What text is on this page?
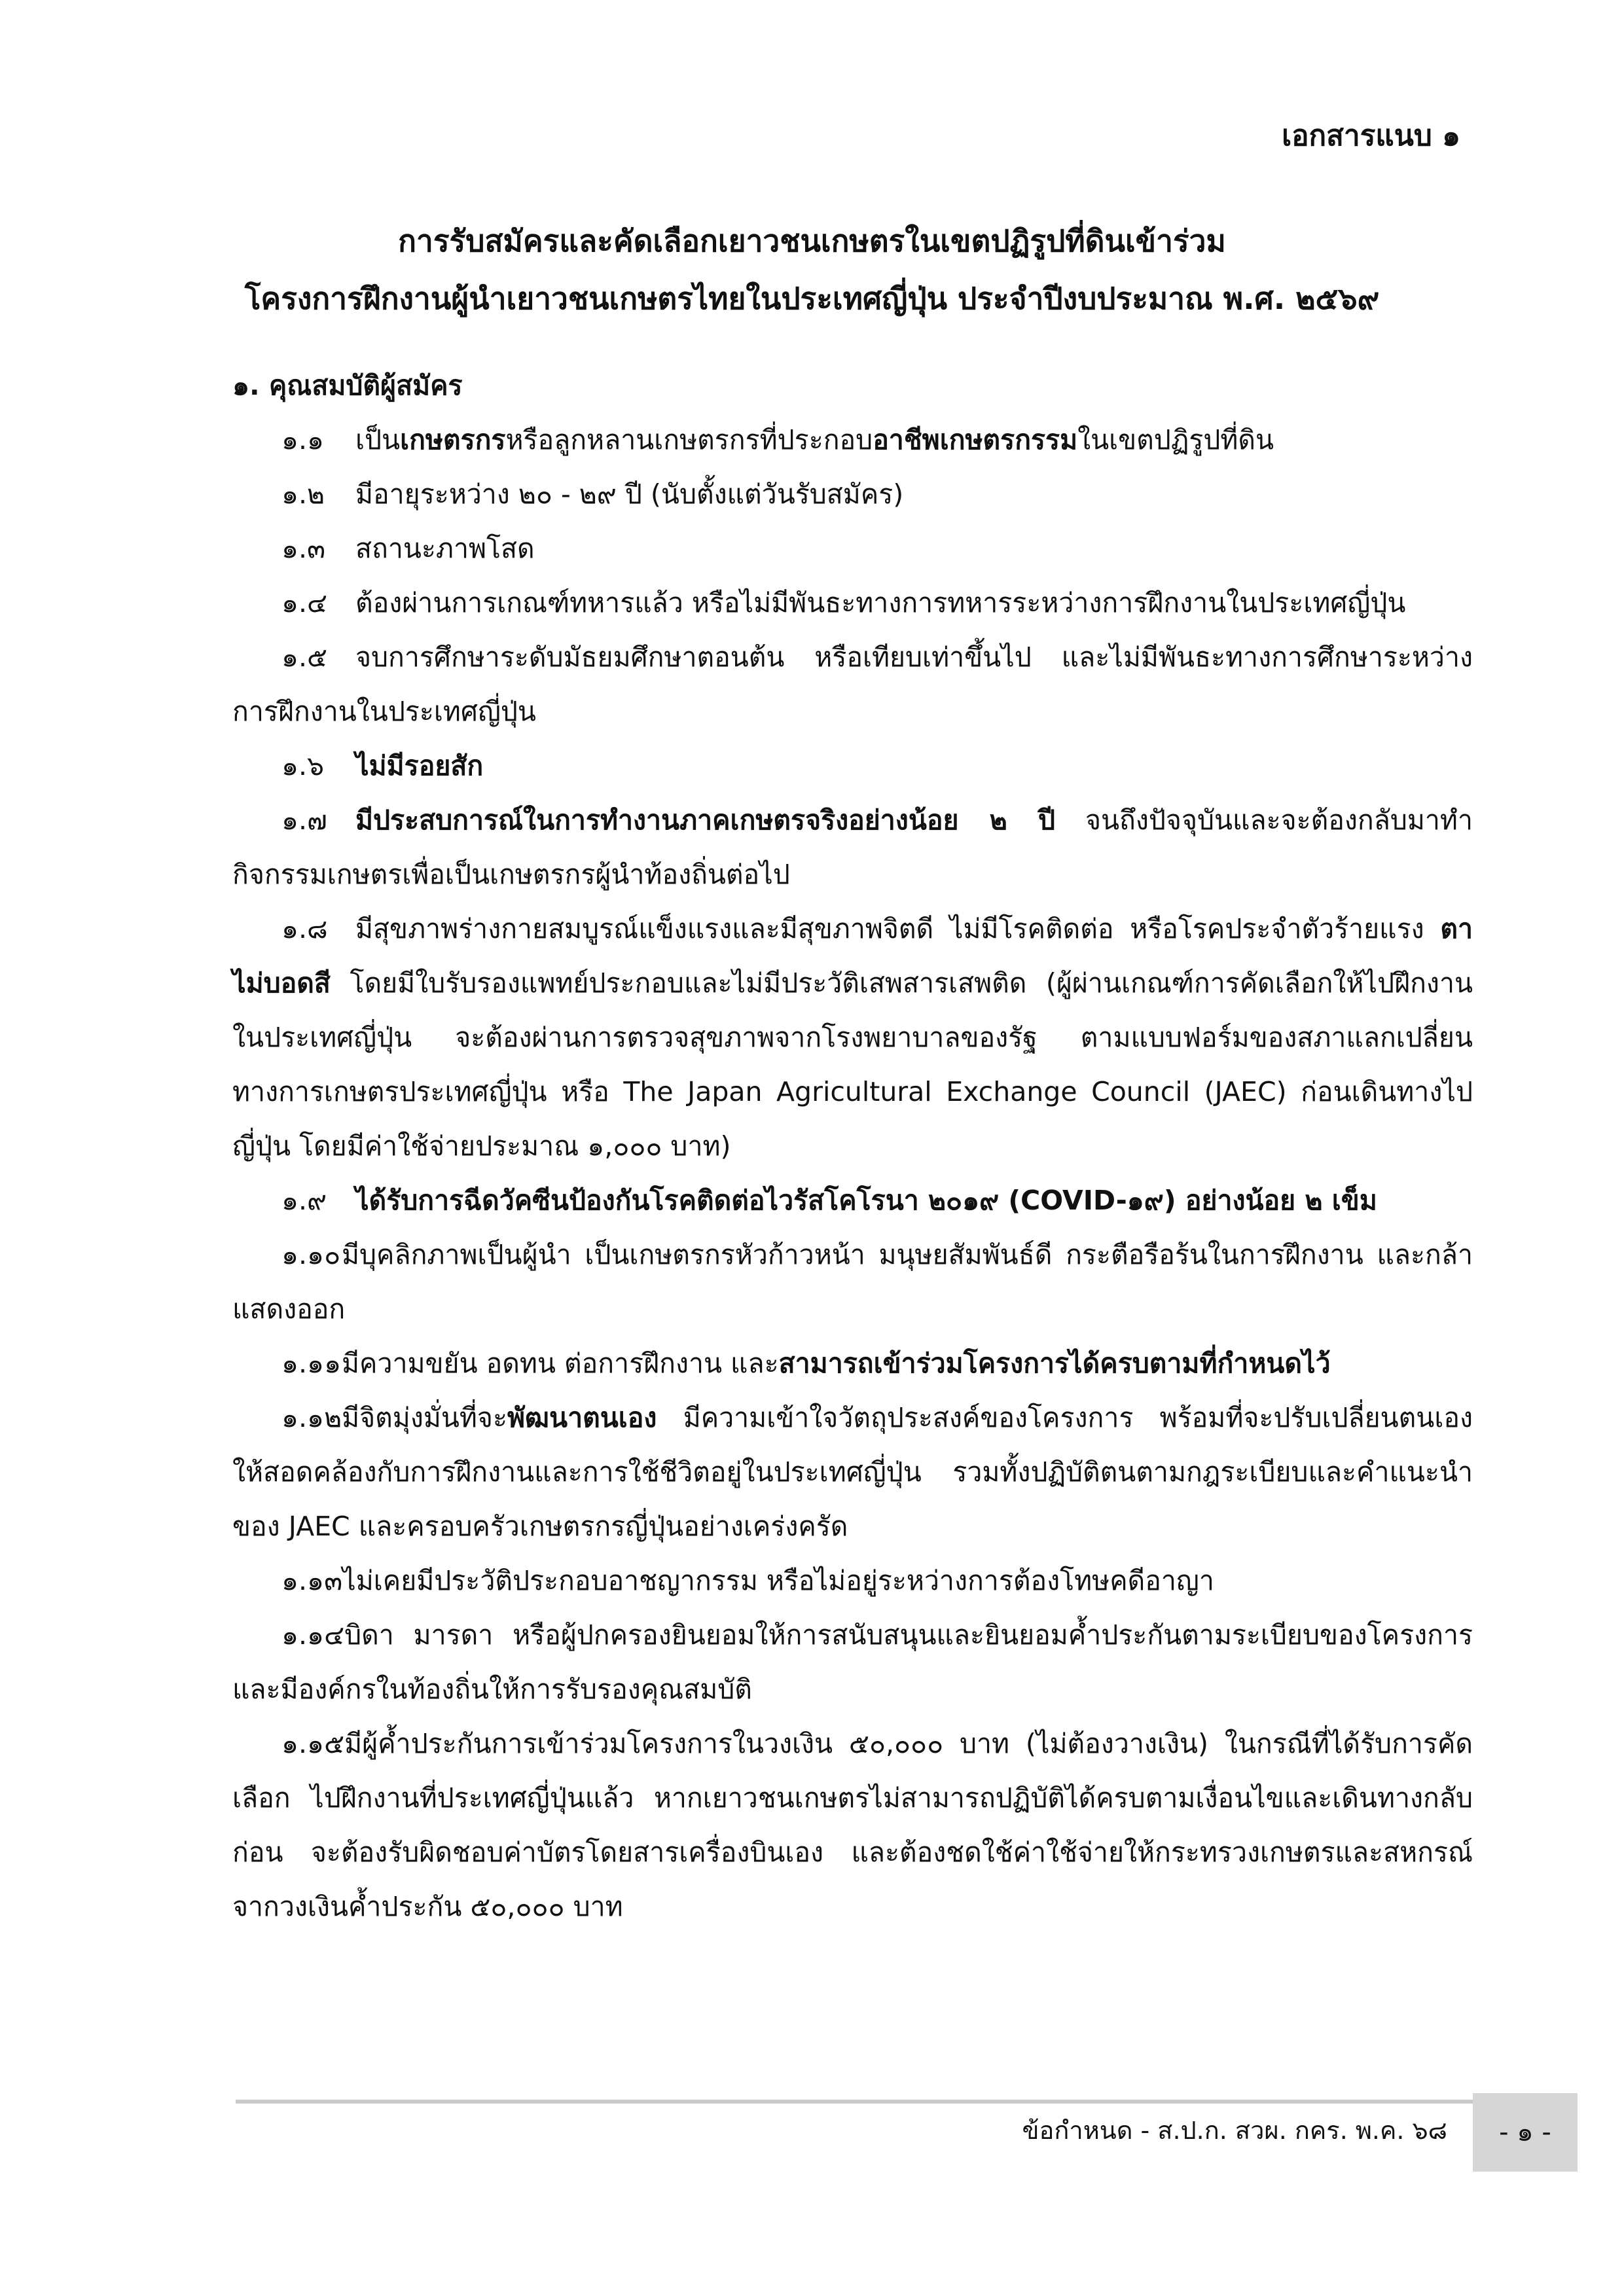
เอกสารแนบ ๑
การรับสมัครและคัดเลือกเยาวชนเกษตรในเขตปฏิรูปที่ดินเข้าร่วม
โครงการฝึกงานผู้นำเยาวชนเกษตรไทยในประเทศญี่ปุ่น ประจำปีงบประมาณ พ.ศ. ๒๕๖๙

๑. คุณสมบัติผู้สมัคร

๑.๑ เป็นเกษตรกรหรือลูกหลานเกษตรกรที่ประกอบอาชีพเกษตรกรรมในเขตปฏิรูปที่ดิน

๑.๒ มีอายุระหว่าง ๒๐ - ๒๙ ปี (นับตั้งแต่วันรับสมัคร)

๑.๓ สถานะภาพโสด

๑.๔ ต้องผ่านการเกณฑ์ทหารแล้ว หรือไม่มีพันธะทางการทหารระหว่างการฝึกงานในประเทศญี่ปุ่น

๑.๕ จบการศึกษาระดับมัธยมศึกษาตอนต้น หรือเทียบเท่าขึ้นไป และไม่มีพันธะทางการศึกษาระหว่าง การฝึกงานในประเทศญี่ปุ่น

๑.๖ ไม่มีรอยสัก

๑.๗ มีประสบการณ์ในการทำงานภาคเกษตรจริงอย่างน้อย ๒ ปี จนถึงปัจจุบันและจะต้องกลับมาทำ กิจกรรมเกษตรเพื่อเป็นเกษตรกรผู้นำท้องถิ่นต่อไป

๑.๘ มีสุขภาพร่างกายสมบูรณ์แข็งแรงและมีสุขภาพจิตดี ไม่มีโรคติดต่อ หรือโรคประจำตัวร้ายแรง ตาไม่บอดสี โดยมีใบรับรองแพทย์ประกอบและไม่มีประวัติเสพสารเสพติด (ผู้ผ่านเกณฑ์การคัดเลือกให้ไปฝึกงาน ในประเทศญี่ปุ่น จะต้องผ่านการตรวจสุขภาพจากโรงพยาบาลของรัฐ ตามแบบฟอร์มของสภาแลกเปลี่ยน ทางการเกษตรประเทศญี่ปุ่น หรือ The Japan Agricultural Exchange Council (JAEC) ก่อนเดินทางไปญี่ปุ่น โดยมีค่าใช้จ่ายประมาณ ๑,๐๐๐ บาท)

๑.๙ ได้รับการฉีดวัคซีนป้องกันโรคติดต่อไวรัสโคโรนา ๒๐๑๙ (COVID-๑๙) อย่างน้อย ๒ เข็ม

๑.๑๐มีบุคลิกภาพเป็นผู้นำ เป็นเกษตรกรหัวก้าวหน้า มนุษยสัมพันธ์ดี กระตือรือร้นในการฝึกงาน และกล้า แสดงออก

๑.๑๑มีความขยัน อดทน ต่อการฝึกงาน และสามารถเข้าร่วมโครงการได้ครบตามที่กำหนดไว้

๑.๑๒มีจิตมุ่งมั่นที่จะพัฒนาตนเอง มีความเข้าใจวัตถุประสงค์ของโครงการ พร้อมที่จะปรับเปลี่ยนตนเอง ให้สอดคล้องกับการฝึกงานและการใช้ชีวิตอยู่ในประเทศญี่ปุ่น รวมทั้งปฏิบัติตนตามกฎระเบียบและคำแนะนำ ของ JAEC และครอบครัวเกษตรกรญี่ปุ่นอย่างเคร่งครัด

๑.๑๓ไม่เคยมีประวัติประกอบอาชญากรรม หรือไม่อยู่ระหว่างการต้องโทษคดีอาญา

๑.๑๔บิดา มารดา หรือผู้ปกครองยินยอมให้การสนับสนุนและยินยอมค้ำประกันตามระเบียบของโครงการ และมีองค์กรในท้องถิ่นให้การรับรองคุณสมบัติ

๑.๑๕มีผู้ค้ำประกันการเข้าร่วมโครงการในวงเงิน ๕๐,๐๐๐ บาท (ไม่ต้องวางเงิน) ในกรณีที่ได้รับการคัดเลือก ไปฝึกงานที่ประเทศญี่ปุ่นแล้ว หากเยาวชนเกษตรไม่สามารถปฏิบัติได้ครบตามเงื่อนไขและเดินทางกลับก่อน จะต้องรับผิดชอบค่าบัตรโดยสารเครื่องบินเอง และต้องชดใช้ค่าใช้จ่ายให้กระทรวงเกษตรและสหกรณ์ จากวงเงินค้ำประกัน ๕๐,๐๐๐ บาท

ข้อกำหนด - ส.ป.ก. สวผ. กคร. พ.ค. ๖๘	- ๑ -
